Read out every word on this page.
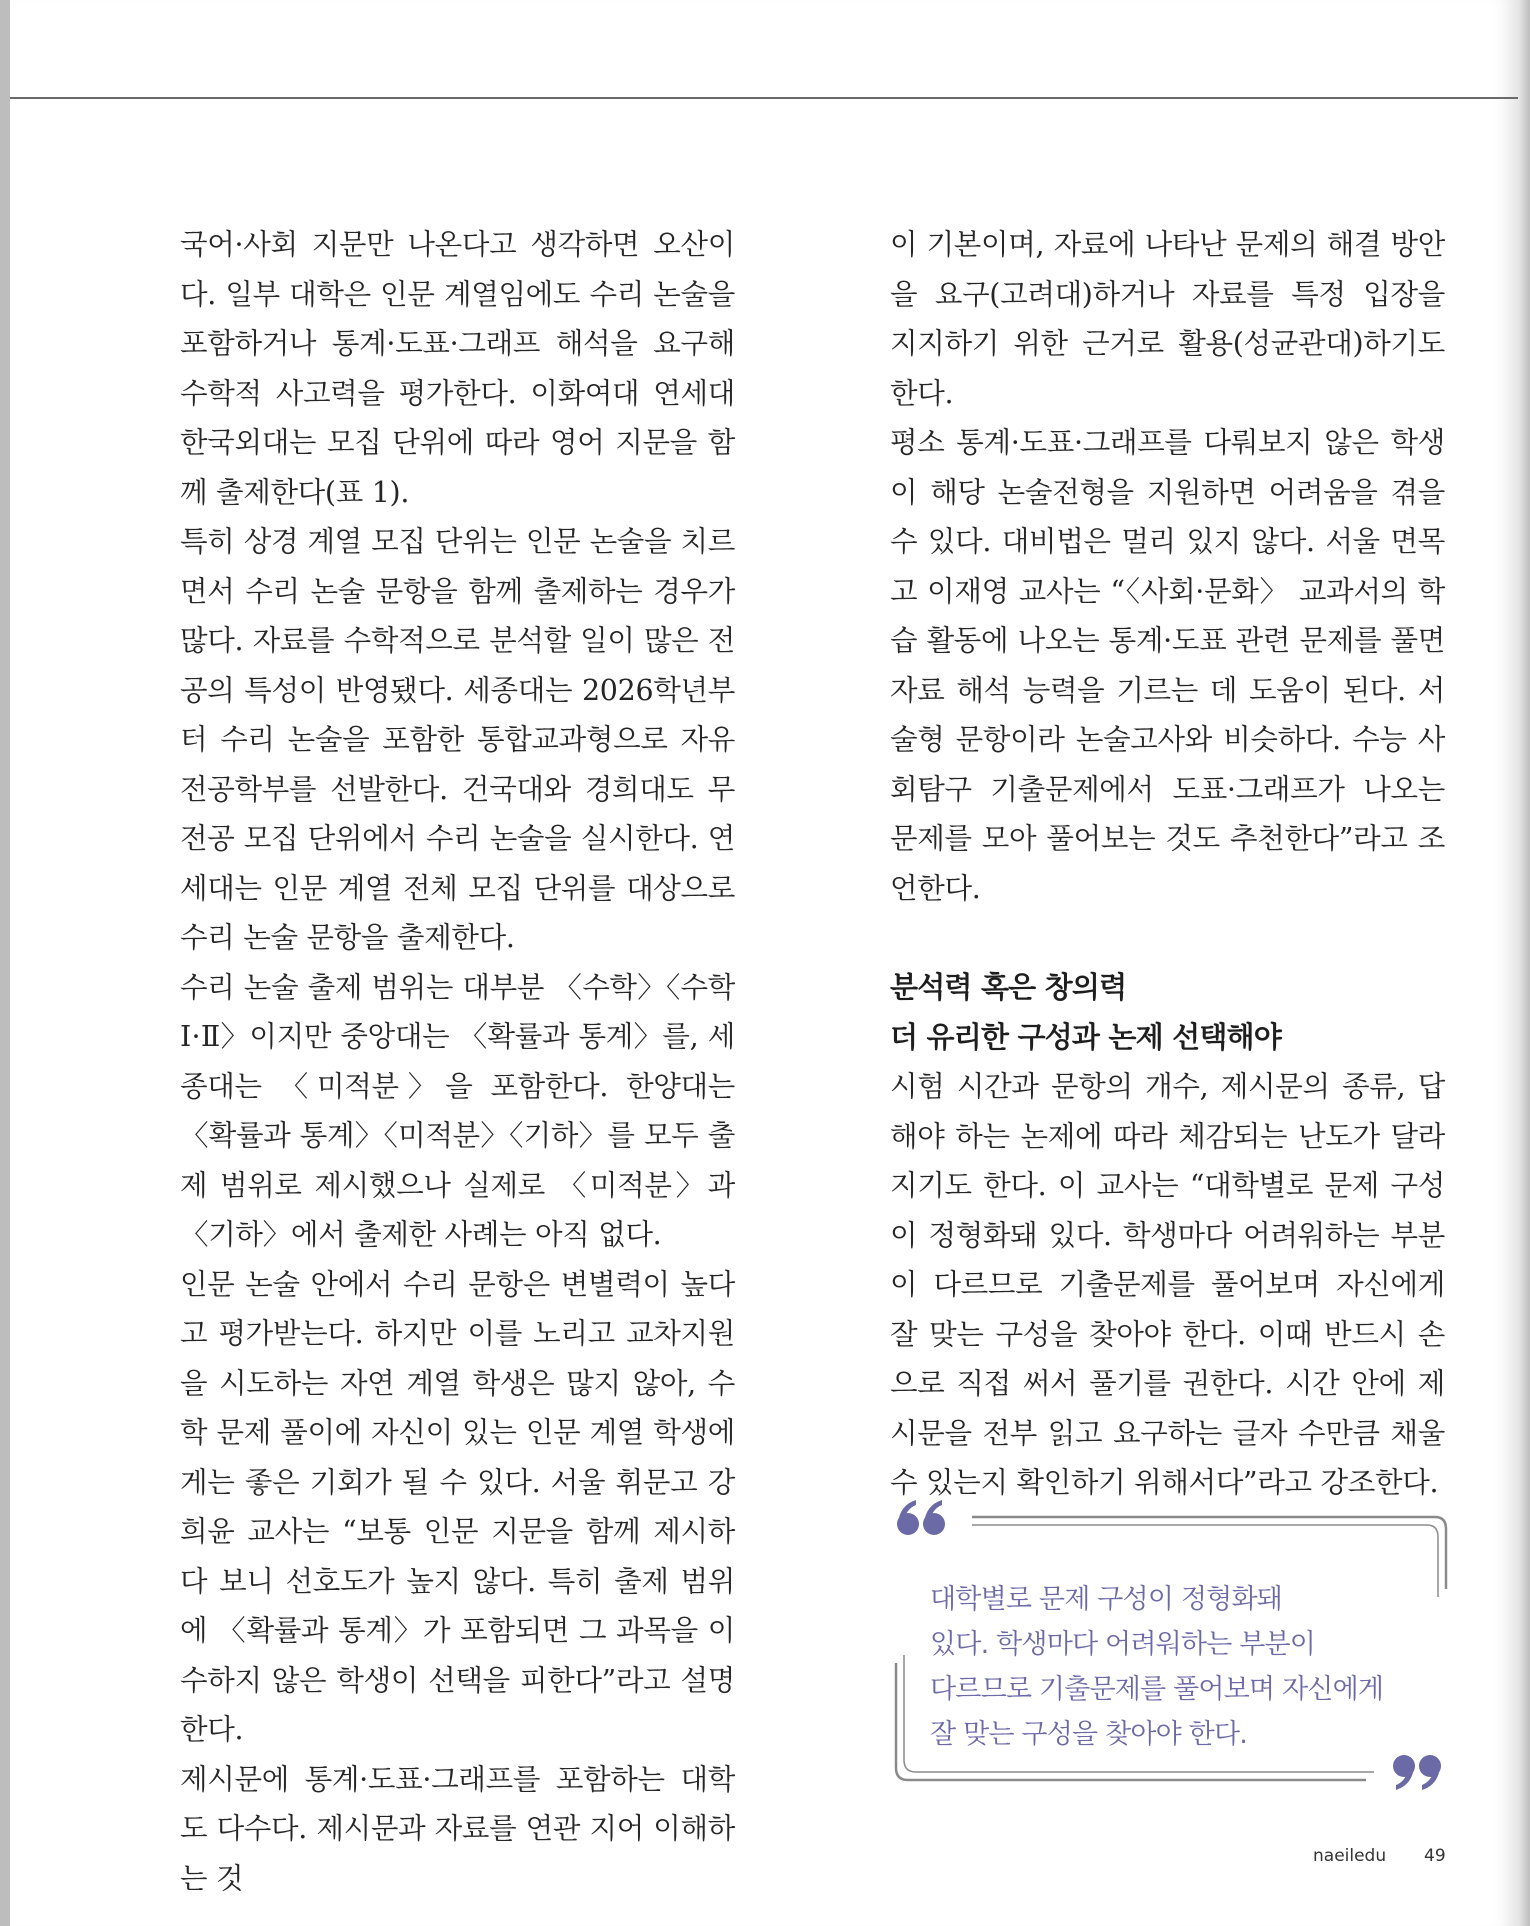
국어·사회 지문만 나온다고 생각하면 오산이다. 일부 대학은 인문 계열임에도 수리 논술을 포함하거나 통계·도표·그래프 해석을 요구해 수학적 사고력을 평가한다. 이화여대 연세대 한국외대는 모집 단위에 따라 영어 지문을 함께 출제한다(표 1).

특히 상경 계열 모집 단위는 인문 논술을 치르면서 수리 논술 문항을 함께 출제하는 경우가 많다. 자료를 수학적으로 분석할 일이 많은 전공의 특성이 반영됐다. 세종대는 2026학년부터 수리 논술을 포함한 통합교과형으로 자유전공학부를 선발한다. 건국대와 경희대도 무전공 모집 단위에서 수리 논술을 실시한다. 연세대는 인문 계열 전체 모집 단위를 대상으로 수리 논술 문항을 출제한다.

수리 논술 출제 범위는 대부분 〈수학〉〈수학Ⅰ·Ⅱ〉이지만 중앙대는 〈확률과 통계〉를, 세종대는 〈미적분〉을 포함한다. 한양대는 〈확률과 통계〉〈미적분〉〈기하〉를 모두 출제 범위로 제시했으나 실제로 〈미적분〉과 〈기하〉에서 출제한 사례는 아직 없다.

인문 논술 안에서 수리 문항은 변별력이 높다고 평가받는다. 하지만 이를 노리고 교차지원을 시도하는 자연 계열 학생은 많지 않아, 수학 문제 풀이에 자신이 있는 인문 계열 학생에게는 좋은 기회가 될 수 있다. 서울 휘문고 강희윤 교사는 “보통 인문 지문을 함께 제시하다 보니 선호도가 높지 않다. 특히 출제 범위에 〈확률과 통계〉가 포함되면 그 과목을 이수하지 않은 학생이 선택을 피한다”라고 설명한다.

제시문에 통계·도표·그래프를 포함하는 대학도 다수다. 제시문과 자료를 연관 지어 이해하는 것

이 기본이며, 자료에 나타난 문제의 해결 방안을 요구(고려대)하거나 자료를 특정 입장을 지지하기 위한 근거로 활용(성균관대)하기도 한다.

평소 통계·도표·그래프를 다뤄보지 않은 학생이 해당 논술전형을 지원하면 어려움을 겪을 수 있다. 대비법은 멀리 있지 않다. 서울 면목고 이재영 교사는 “〈사회·문화〉 교과서의 학습 활동에 나오는 통계·도표 관련 문제를 풀면 자료 해석 능력을 기르는 데 도움이 된다. 서술형 문항이라 논술고사와 비슷하다. 수능 사회탐구 기출문제에서 도표·그래프가 나오는 문제를 모아 풀어보는 것도 추천한다”라고 조언한다.

분석력 혹은 창의력

더 유리한 구성과 논제 선택해야

시험 시간과 문항의 개수, 제시문의 종류, 답해야 하는 논제에 따라 체감되는 난도가 달라지기도 한다. 이 교사는 “대학별로 문제 구성이 정형화돼 있다. 학생마다 어려워하는 부분이 다르므로 기출문제를 풀어보며 자신에게 잘 맞는 구성을 찾아야 한다. 이때 반드시 손으로 직접 써서 풀기를 권한다. 시간 안에 제시문을 전부 읽고 요구하는 글자 수만큼 채울 수 있는지 확인하기 위해서다”라고 강조한다.

대학별로 문제 구성이 정형화돼
있다. 학생마다 어려워하는 부분이
다르므로 기출문제를 풀어보며 자신에게
잘 맞는 구성을 찾아야 한다.
naeiledu 49
